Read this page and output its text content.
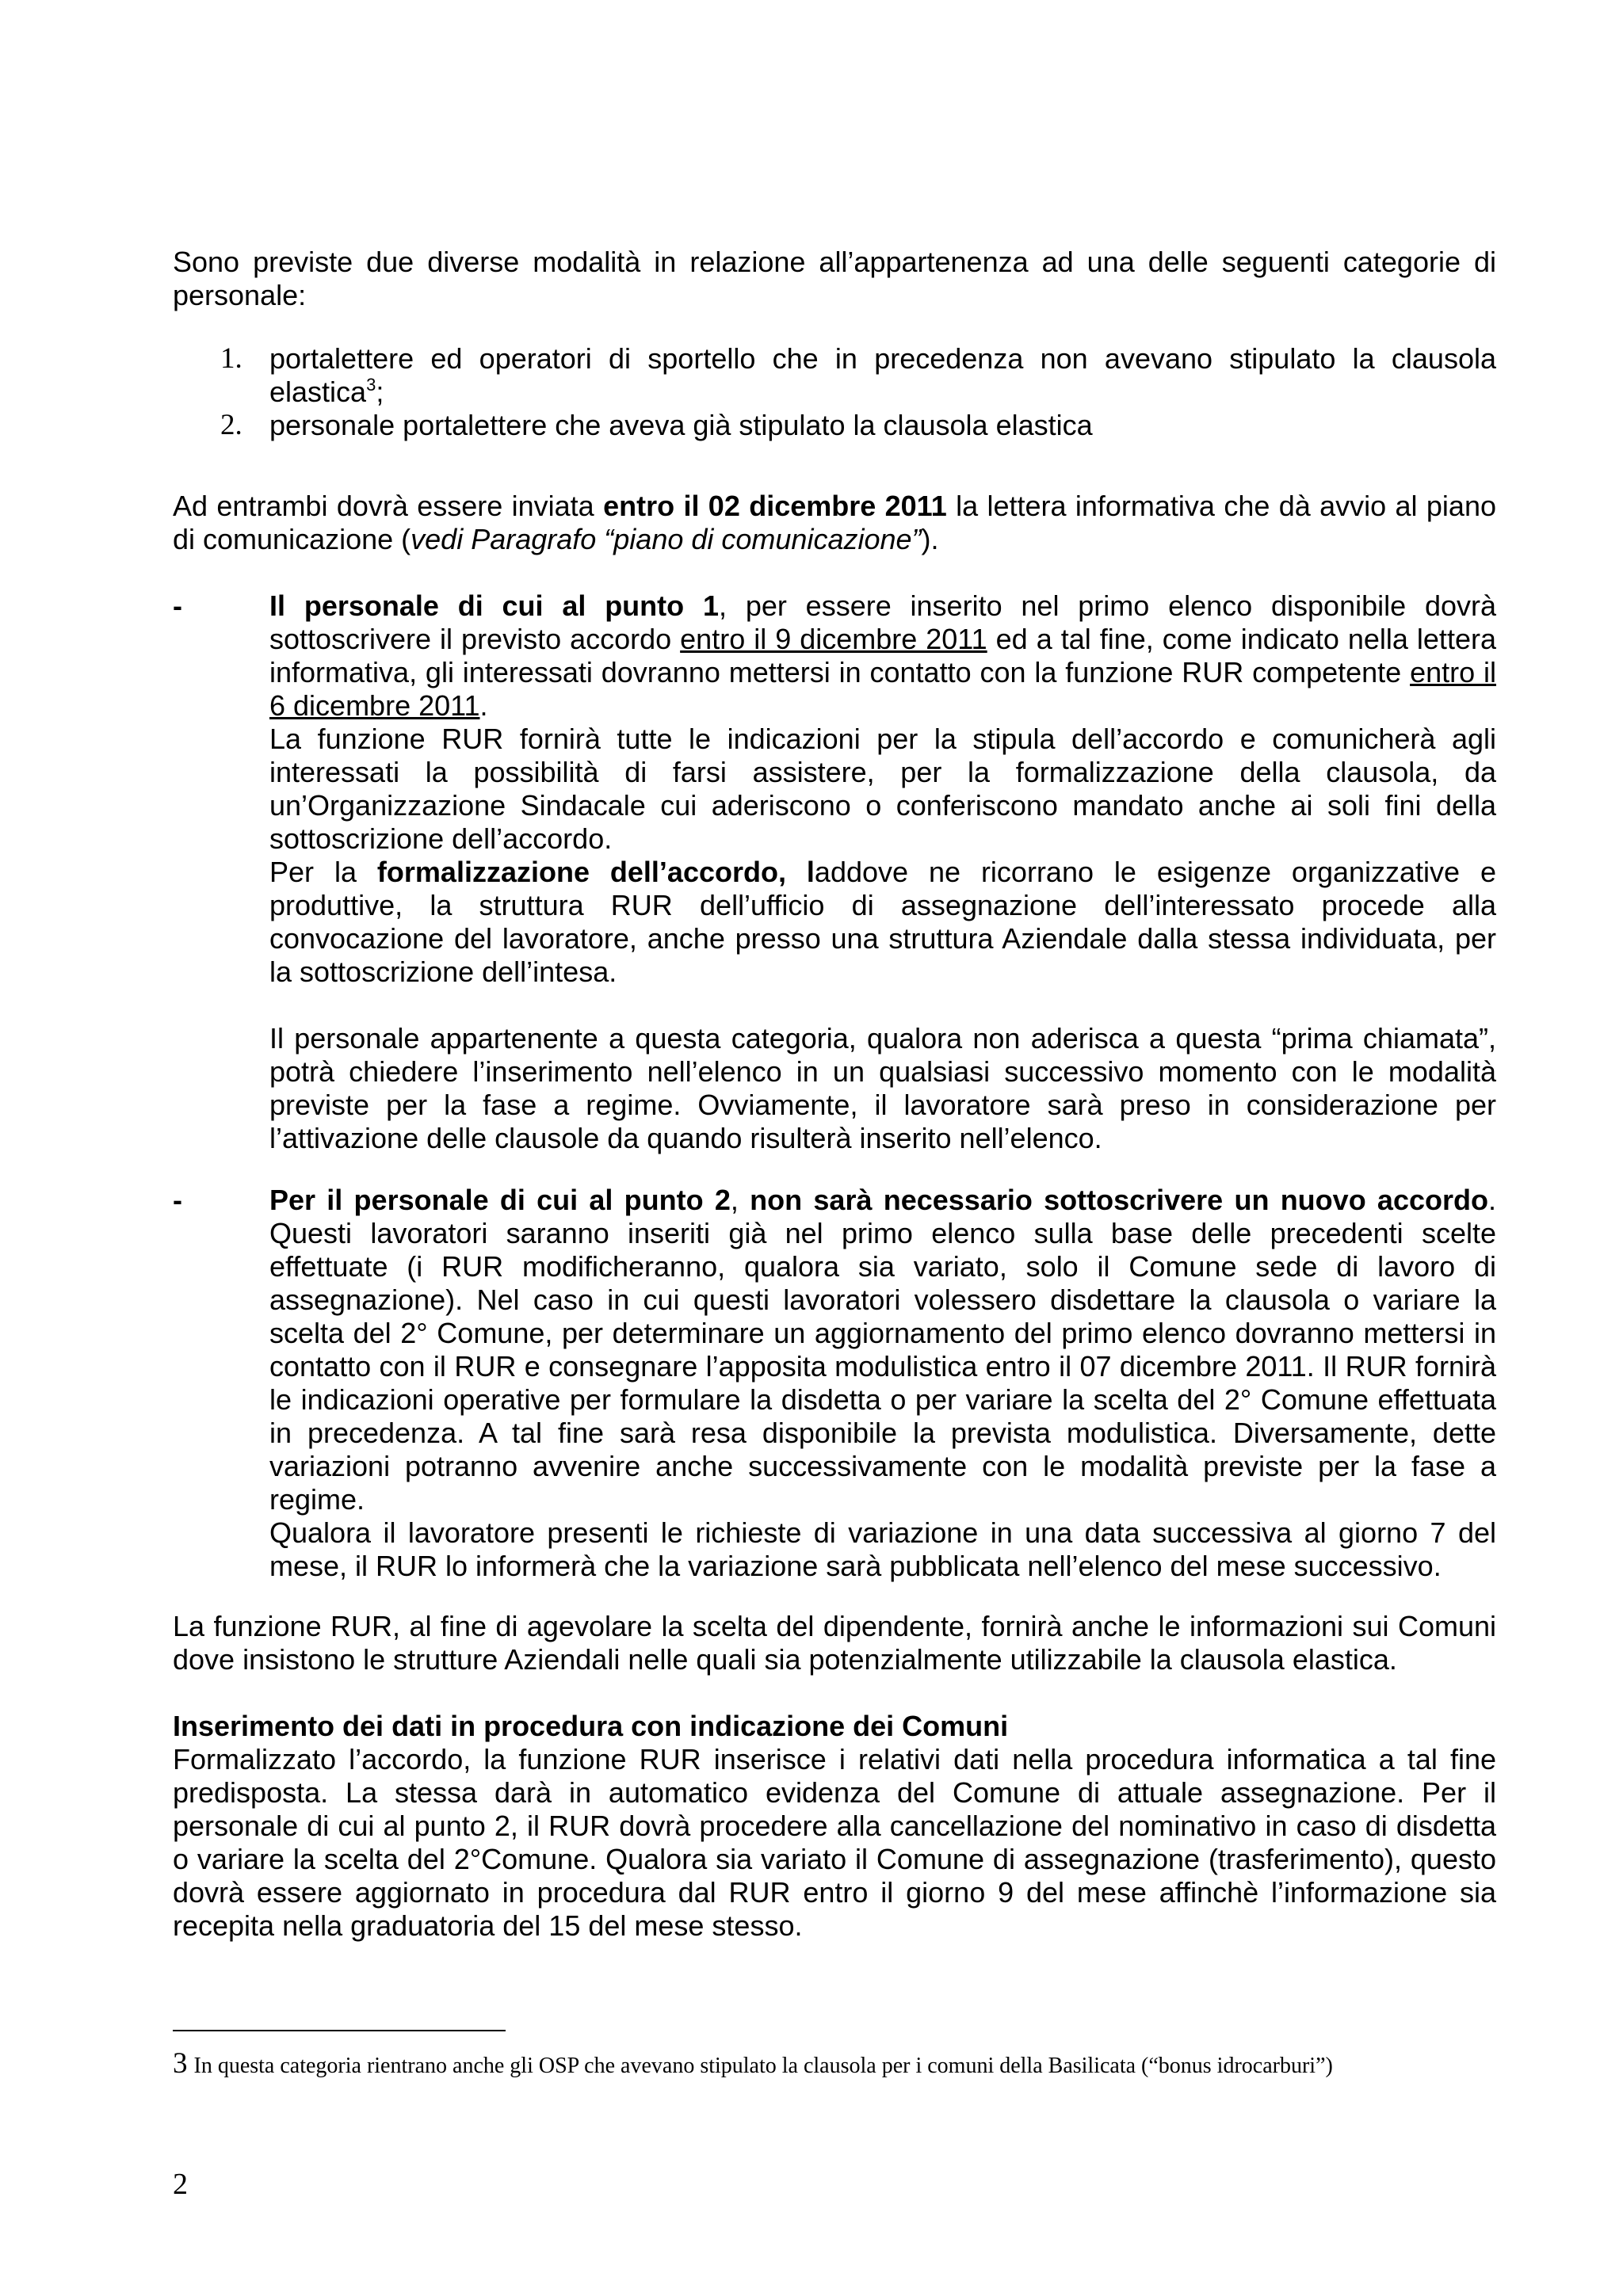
Sono previste due diverse modalità in relazione all’appartenenza ad una delle seguenti categorie di personale:
1. portalettere ed operatori di sportello che in precedenza non avevano stipulato la clausola elastica$^3$;
2. personale portalettere che aveva già stipulato la clausola elastica
Ad entrambi dovrà essere inviata entro il 02 dicembre 2011 la lettera informativa che dà avvio al piano di comunicazione (vedi Paragrafo “piano di comunicazione”).
-	Il personale di cui al punto 1, per essere inserito nel primo elenco disponibile dovrà sottoscrivere il previsto accordo entro il 9 dicembre 2011 ed a tal fine, come indicato nella lettera informativa, gli interessati dovranno mettersi in contatto con la funzione RUR competente entro il 6 dicembre 2011.

La funzione RUR fornirà tutte le indicazioni per la stipula dell’accordo e comunicherà agli interessati la possibilità di farsi assistere, per la formalizzazione della clausola, da un’Organizzazione Sindacale cui aderiscono o conferiscono mandato anche ai soli fini della sottoscrizione dell’accordo.

Per la formalizzazione dell’accordo, laddove ne ricorrano le esigenze organizzative e produttive, la struttura RUR dell’ufficio di assegnazione dell’interessato procede alla convocazione del lavoratore, anche presso una struttura Aziendale dalla stessa individuata, per la sottoscrizione dell’intesa.

Il personale appartenente a questa categoria, qualora non aderisca a questa “prima chiamata”, potrà chiedere l’inserimento nell’elenco in un qualsiasi successivo momento con le modalità previste per la fase a regime. Ovviamente, il lavoratore sarà preso in considerazione per l’attivazione delle clausole da quando risulterà inserito nell’elenco.

-	Per il personale di cui al punto 2, non sarà necessario sottoscrivere un nuovo accordo. Questi lavoratori saranno inseriti già nel primo elenco sulla base delle precedenti scelte effettuate (i RUR modificheranno, qualora sia variato, solo il Comune sede di lavoro di assegnazione). Nel caso in cui questi lavoratori volessero disdettare la clausola o variare la scelta del 2° Comune, per determinare un aggiornamento del primo elenco dovranno mettersi in contatto con il RUR e consegnare l’apposita modulistica entro il 07 dicembre 2011. Il RUR fornirà le indicazioni operative per formulare la disdetta o per variare la scelta del 2° Comune effettuata in precedenza. A tal fine sarà resa disponibile la prevista modulistica. Diversamente, dette variazioni potranno avvenire anche successivamente con le modalità previste per la fase a regime.

Qualora il lavoratore presenti le richieste di variazione in una data successiva al giorno 7 del mese, il RUR lo informerà che la variazione sarà pubblicata nell’elenco del mese successivo.

La funzione RUR, al fine di agevolare la scelta del dipendente, fornirà anche le informazioni sui Comuni dove insistono le strutture Aziendali nelle quali sia potenzialmente utilizzabile la clausola elastica.
Inserimento dei dati in procedura con indicazione dei Comuni
Formalizzato l’accordo, la funzione RUR inserisce i relativi dati nella procedura informatica a tal fine predisposta. La stessa darà in automatico evidenza del Comune di attuale assegnazione. Per il personale di cui al punto 2, il RUR dovrà procedere alla cancellazione del nominativo in caso di disdetta o variare la scelta del 2°Comune. Qualora sia variato il Comune di assegnazione (trasferimento), questo dovrà essere aggiornato in procedura dal RUR entro il giorno 9 del mese affinchè l’informazione sia recepita nella graduatoria del 15 del mese stesso.
3 In questa categoria rientrano anche gli OSP che avevano stipulato la clausola per i comuni della Basilicata (“bonus idrocarburi”)
2
